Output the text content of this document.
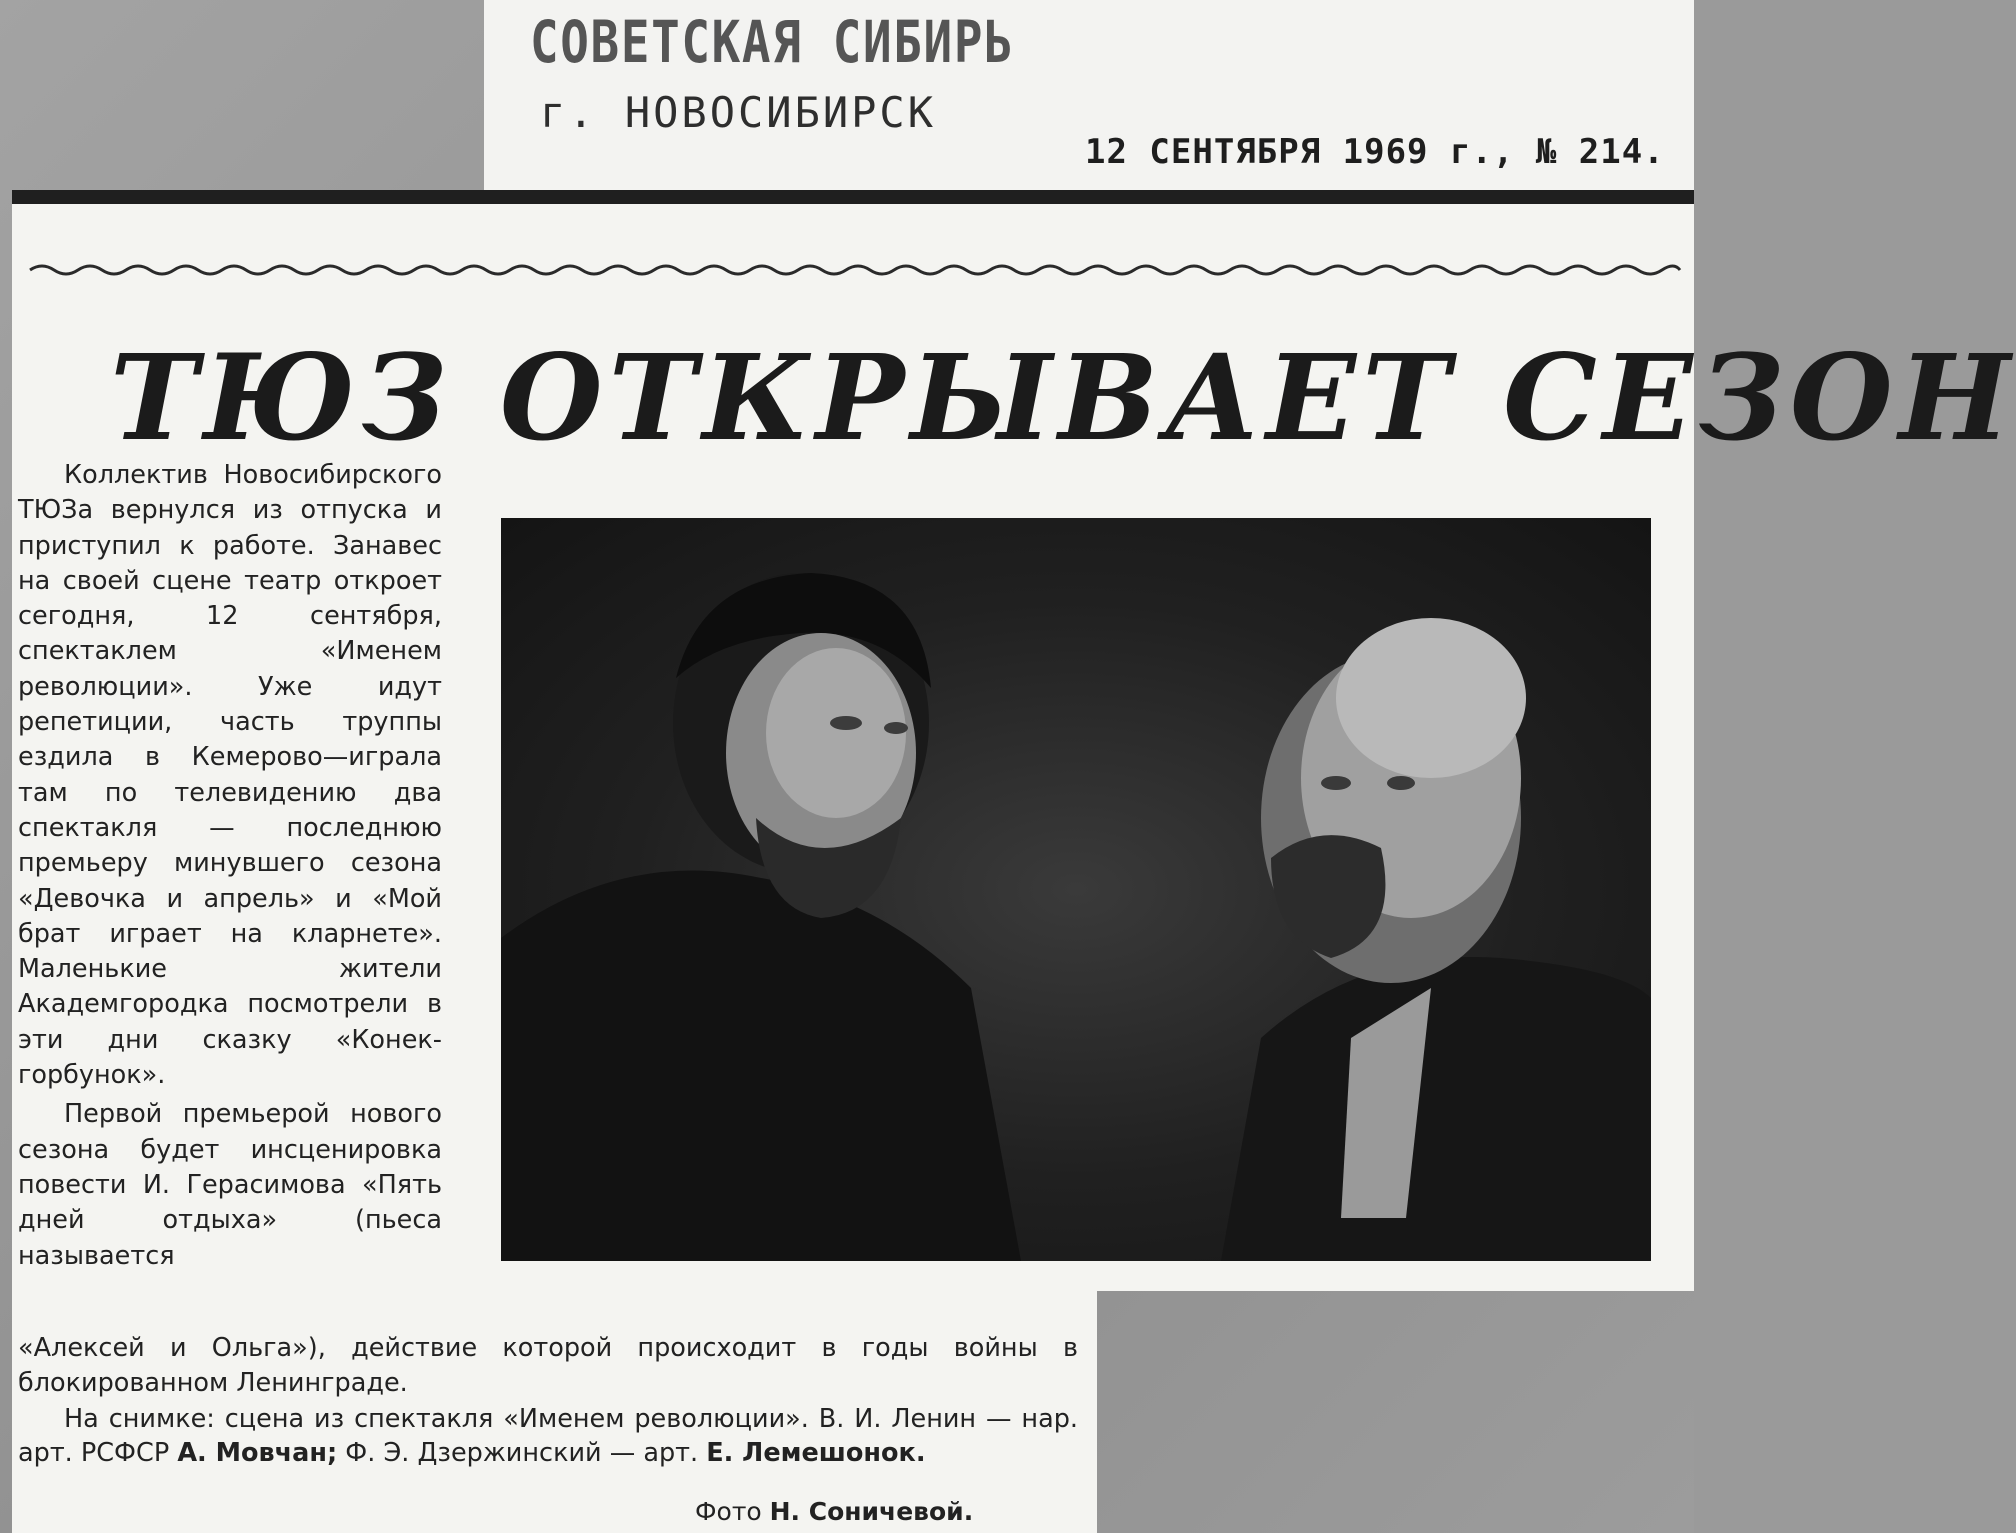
СОВЕТСКАЯ СИБИРЬ
г. НОВОСИБИРСК
12 СЕНТЯБРЯ 1969 г., № 214.
ТЮЗ ОТКРЫВАЕТ СЕЗОН

Коллектив Новосибирского ТЮЗа вернулся из отпуска и приступил к работе. Занавес на своей сцене театр откроет сегодня, 12 сентября, спектаклем «Именем революции». Уже идут репетиции, часть труппы ездила в Кемерово—играла там по телевидению два спектакля — последнюю премьеру минувшего сезона «Девочка и апрель» и «Мой брат играет на кларнете». Маленькие жители Академгородка посмотрели в эти дни сказку «Конек-горбунок».

Первой премьерой нового сезона будет инсценировка повести И. Герасимова «Пять дней отдыха» (пьеса называется

«Алексей и Ольга»), действие которой происходит в годы войны в блокированном Ленинграде.
На снимке: сцена из спектакля «Именем революции». В. И. Ленин — нар. арт. РСФСР А. Мовчан; Ф. Э. Дзержинский — арт. Е. Лемешонок.
Фото Н. Соничевой.
